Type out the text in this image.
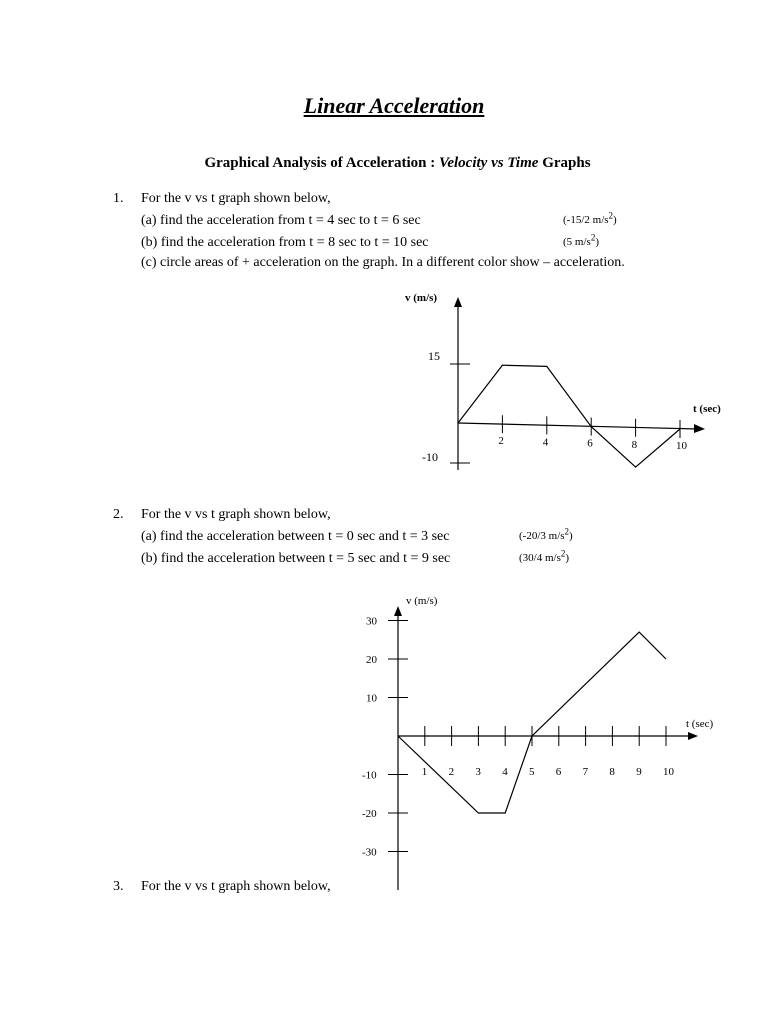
Linear Acceleration
Graphical Analysis of Acceleration : Velocity vs Time Graphs
1. For the v vs t graph shown below,
(a) find the acceleration from t = 4 sec to t = 6 sec	(-15/2 $m/s^2$)
(b) find the acceleration from t = 8 sec to t = 10 sec	(5 $m/s^2$)
(c) circle areas of + acceleration on the graph. In a different color show – acceleration.
v (m/s)
t (sec)
15
-10
2	4	6	8	10
v (m/s)
t (sec)
30
20
10
-10
-20
-30
1 2 3 4 5 6 7 8 9 10
2. For the v vs t graph shown below,
(a) find the acceleration between t = 0 sec and t = 3 sec	(-20/3 $m/s^2$)
(b) find the acceleration between t = 5 sec and t = 9 sec	(30/4 $m/s^2$)
3. For the v vs t graph shown below,
